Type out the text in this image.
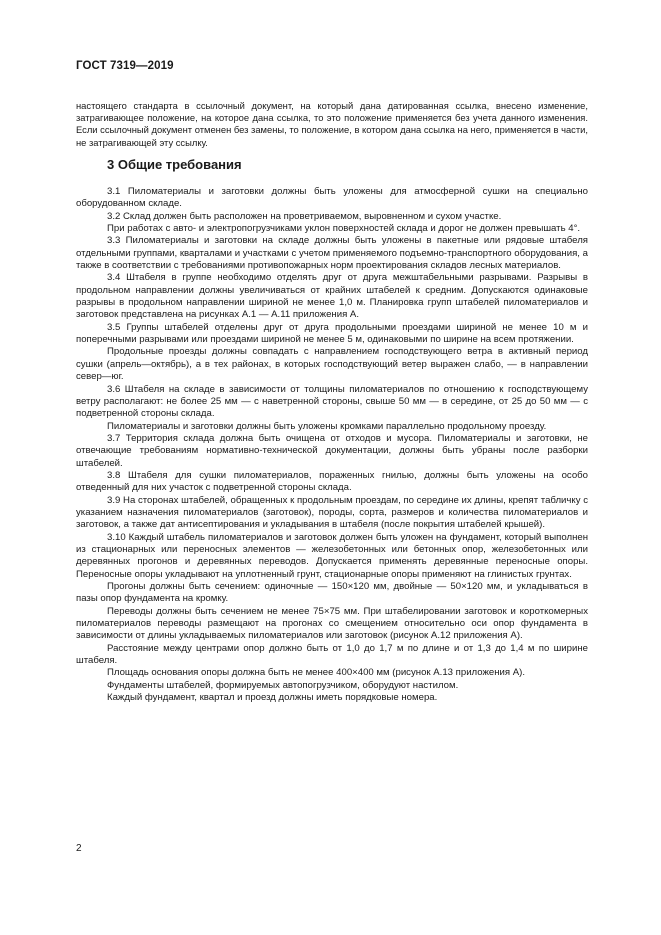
ГОСТ 7319—2019
настоящего стандарта в ссылочный документ, на который дана датированная ссылка, внесено изменение, затрагивающее положение, на которое дана ссылка, то это положение применяется без учета данного изменения. Если ссылочный документ отменен без замены, то положение, в котором дана ссылка на него, применяется в части, не затрагивающей эту ссылку.
3 Общие требования

3.1 Пиломатериалы и заготовки должны быть уложены для атмосферной сушки на специально оборудованном складе.

3.2 Склад должен быть расположен на проветриваемом, выровненном и сухом участке.

При работах с авто- и электропогрузчиками уклон поверхностей склада и дорог не должен превышать 4°.

3.3 Пиломатериалы и заготовки на складе должны быть уложены в пакетные или рядовые штабеля отдельными группами, кварталами и участками с учетом применяемого подъемно-транспортного оборудования, а также в соответствии с требованиями противопожарных норм проектирования складов лесных материалов.

3.4 Штабеля в группе необходимо отделять друг от друга межштабельными разрывами. Разрывы в продольном направлении должны увеличиваться от крайних штабелей к средним. Допускаются одинаковые разрывы в продольном направлении шириной не менее 1,0 м. Планировка групп штабелей пиломатериалов и заготовок представлена на рисунках А.1 — А.11 приложения А.

3.5 Группы штабелей отделены друг от друга продольными проездами шириной не менее 10 м и поперечными разрывами или проездами шириной не менее 5 м, одинаковыми по ширине на всем протяжении.

Продольные проезды должны совпадать с направлением господствующего ветра в активный период сушки (апрель—октябрь), а в тех районах, в которых господствующий ветер выражен слабо, — в направлении север—юг.

3.6 Штабеля на складе в зависимости от толщины пиломатериалов по отношению к господствующему ветру располагают: не более 25 мм — с наветренной стороны, свыше 50 мм — в середине, от 25 до 50 мм — с подветренной стороны склада.

Пиломатериалы и заготовки должны быть уложены кромками параллельно продольному проезду.

3.7 Территория склада должна быть очищена от отходов и мусора. Пиломатериалы и заготовки, не отвечающие требованиям нормативно-технической документации, должны быть убраны после разборки штабелей.

3.8 Штабеля для сушки пиломатериалов, пораженных гнилью, должны быть уложены на особо отведенный для них участок с подветренной стороны склада.

3.9 На сторонах штабелей, обращенных к продольным проездам, по середине их длины, крепят табличку с указанием назначения пиломатериалов (заготовок), породы, сорта, размеров и количества пиломатериалов и заготовок, а также дат антисептирования и укладывания в штабеля (после покрытия штабелей крышей).

3.10 Каждый штабель пиломатериалов и заготовок должен быть уложен на фундамент, который выполнен из стационарных или переносных элементов — железобетонных или бетонных опор, железобетонных или деревянных прогонов и деревянных переводов. Допускается применять деревянные переносные опоры. Переносные опоры укладывают на уплотненный грунт, стационарные опоры применяют на глинистых грунтах.

Прогоны должны быть сечением: одиночные — 150×120 мм, двойные — 50×120 мм, и укладываться в пазы опор фундамента на кромку.

Переводы должны быть сечением не менее 75×75 мм. При штабелировании заготовок и короткомерных пиломатериалов переводы размещают на прогонах со смещением относительно оси опор фундамента в зависимости от длины укладываемых пиломатериалов или заготовок (рисунок А.12 приложения А).

Расстояние между центрами опор должно быть от 1,0 до 1,7 м по длине и от 1,3 до 1,4 м по ширине штабеля.

Площадь основания опоры должна быть не менее 400×400 мм (рисунок А.13 приложения А).

Фундаменты штабелей, формируемых автопогрузчиком, оборудуют настилом.

Каждый фундамент, квартал и проезд должны иметь порядковые номера.

2
